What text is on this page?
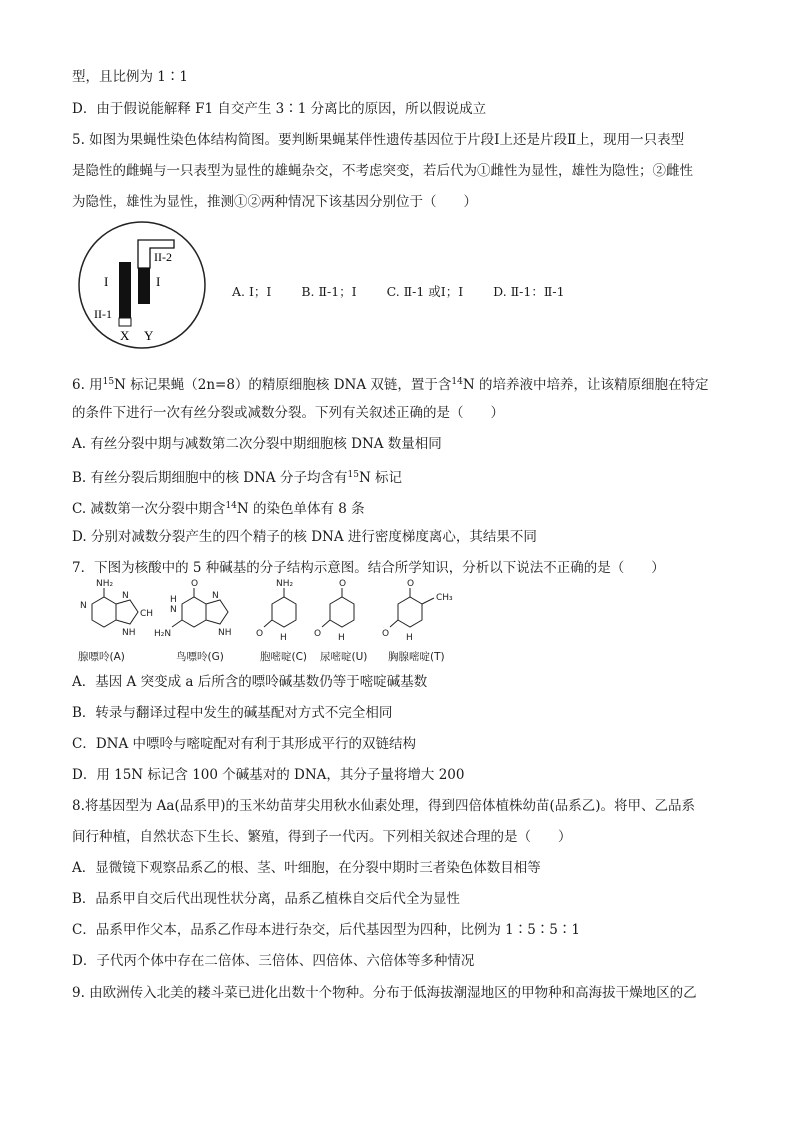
型，且比例为 1∶1
D．由于假说能解释 F1 自交产生 3∶1 分离比的原因，所以假说成立
5. 如图为果蝇性染色体结构简图。要判断果蝇某伴性遗传基因位于片段Ⅰ上还是片段Ⅱ上，现用一只表型
是隐性的雌蝇与一只表型为显性的雄蝇杂交，不考虑突变，若后代为①雌性为显性，雄性为隐性；②雌性
为隐性，雄性为显性，推测①②两种情况下该基因分别位于（　　）
I	I
II-2
II-1
X Y
A. Ⅰ；Ⅰ B. Ⅱ-1；Ⅰ C. Ⅱ-1 或Ⅰ；Ⅰ D. Ⅱ-1：Ⅱ-1
6. 用$^{15}$N 标记果蝇（2n=8）的精原细胞核 DNA 双链，置于含$^{14}$N 的培养液中培养，让该精原细胞在特定
的条件下进行一次有丝分裂或减数分裂。下列有关叙述正确的是（　　）
A. 有丝分裂中期与减数第二次分裂中期细胞核 DNA 数量相同
B. 有丝分裂后期细胞中的核 DNA 分子均含有$^{15}$N 标记
C. 减数第一次分裂中期含$^{14}$N 的染色单体有 8 条
D. 分别对减数分裂产生的四个精子的核 DNA 进行密度梯度离心，其结果不同
7．下图为核酸中的 5 种碱基的分子结构示意图。结合所学知识，分析以下说法不正确的是（　　）
NH₂
N
N
CH
NH
O
H
N
H₂N
N
NH
NH₂
O H
O
O H
O
CH₃
O H
腺嘌呤(A)	鸟嘌呤(G)	胞嘧啶(C) 尿嘧啶(U) 胸腺嘧啶(T)
A．基因 A 突变成 a 后所含的嘌呤碱基数仍等于嘧啶碱基数
B．转录与翻译过程中发生的碱基配对方式不完全相同
C．DNA 中嘌呤与嘧啶配对有利于其形成平行的双链结构
D．用 15N 标记含 100 个碱基对的 DNA，其分子量将增大 200
8.将基因型为 Aa(品系甲)的玉米幼苗芽尖用秋水仙素处理，得到四倍体植株幼苗(品系乙)。将甲、乙品系
间行种植，自然状态下生长、繁殖，得到子一代丙。下列相关叙述合理的是（　　）
A．显微镜下观察品系乙的根、茎、叶细胞，在分裂中期时三者染色体数目相等
B．品系甲自交后代出现性状分离，品系乙植株自交后代全为显性
C．品系甲作父本，品系乙作母本进行杂交，后代基因型为四种，比例为 1∶5∶5∶1
D．子代丙个体中存在二倍体、三倍体、四倍体、六倍体等多种情况
9. 由欧洲传入北美的耧斗菜已进化出数十个物种。分布于低海拔潮湿地区的甲物种和高海拔干燥地区的乙
